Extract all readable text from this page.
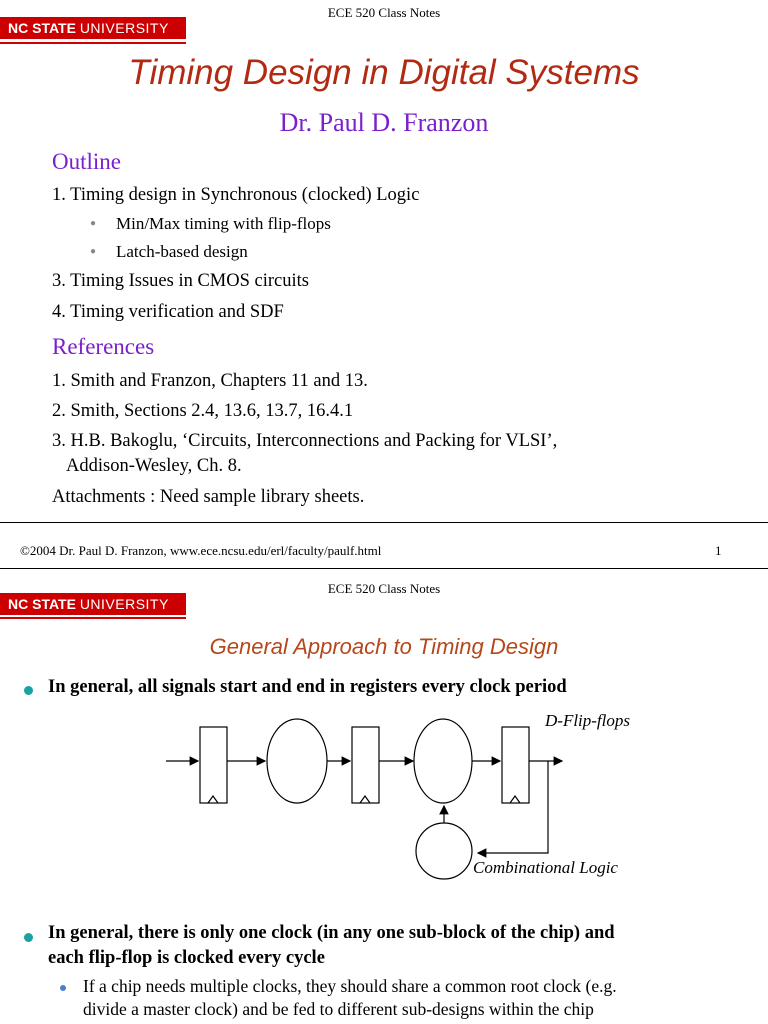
NC STATE UNIVERSITY
ECE 520 Class Notes
Timing Design in Digital Systems
Dr. Paul D. Franzon
Outline
1. Timing design in Synchronous (clocked) Logic
● Min/Max timing with flip-flops
● Latch-based design
3. Timing Issues in CMOS circuits
4. Timing verification and SDF
References
1. Smith and Franzon, Chapters 11 and 13.
2. Smith, Sections 2.4, 13.6, 13.7, 16.4.1
3. H.B. Bakoglu, ‘Circuits, Interconnections and Packing for VLSI’,
Addison-Wesley, Ch. 8.
Attachments : Need sample library sheets.
©2004 Dr. Paul D. Franzon, www.ece.ncsu.edu/erl/faculty/paulf.html	1
ECE 520 Class Notes
NC STATE UNIVERSITY
General Approach to Timing Design
In general, all signals start and end in registers every clock period
D-Flip-flops
Combinational Logic
In general, there is only one clock (in any one sub-block of the chip) and
each flip-flop is clocked every cycle
If a chip needs multiple clocks, they should share a common root clock (e.g.
divide a master clock) and be fed to different sub-designs within the chip
